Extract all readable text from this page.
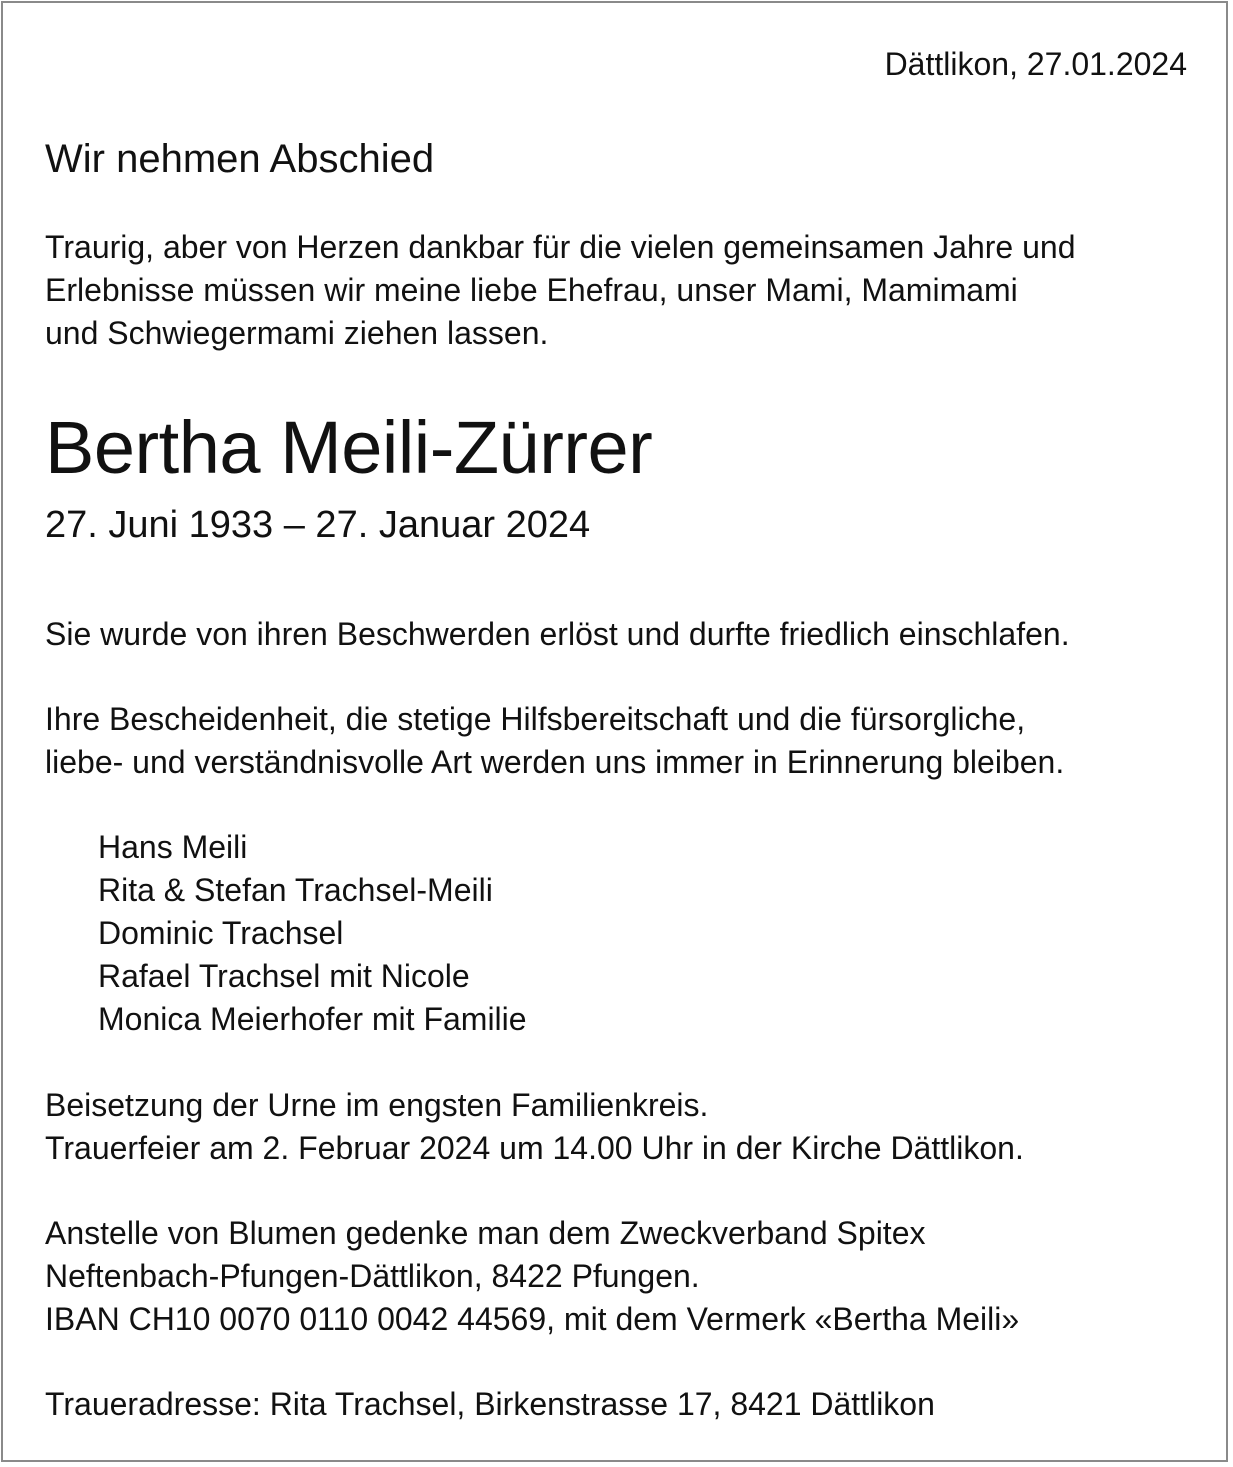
Dättlikon, 27.01.2024

Wir nehmen Abschied

Traurig, aber von Herzen dankbar für die vielen gemeinsamen Jahre und
Erlebnisse müssen wir meine liebe Ehefrau, unser Mami, Mamimami
und Schwiegermami ziehen lassen.

Bertha Meili-Zürrer

27. Juni 1933 – 27. Januar 2024

Sie wurde von ihren Beschwerden erlöst und durfte friedlich einschlafen.

Ihre Bescheidenheit, die stetige Hilfsbereitschaft und die fürsorgliche,
liebe- und verständnisvolle Art werden uns immer in Erinnerung bleiben.

Hans Meili
Rita & Stefan Trachsel-Meili
Dominic Trachsel
Rafael Trachsel mit Nicole
Monica Meierhofer mit Familie

Beisetzung der Urne im engsten Familienkreis.
Trauerfeier am 2. Februar 2024 um 14.00 Uhr in der Kirche Dättlikon.

Anstelle von Blumen gedenke man dem Zweckverband Spitex
Neftenbach-Pfungen-Dättlikon, 8422 Pfungen.
IBAN CH10 0070 0110 0042 44569, mit dem Vermerk «Bertha Meili»

Traueradresse: Rita Trachsel, Birkenstrasse 17, 8421 Dättlikon
